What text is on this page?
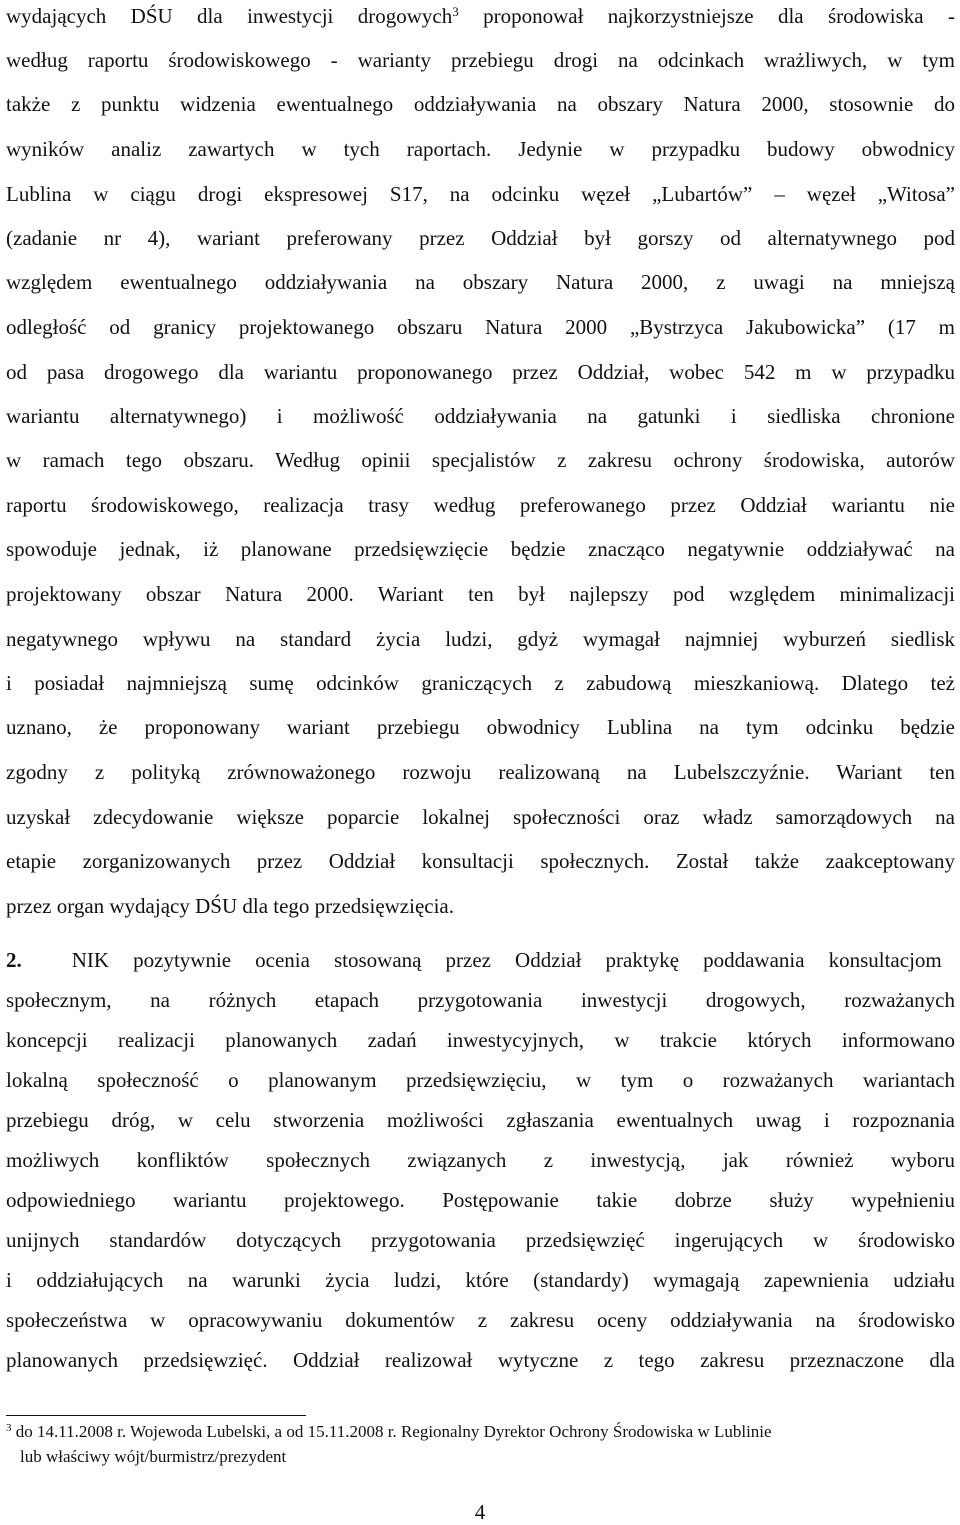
wydających DŚU dla inwestycji drogowych$^3$ proponował najkorzystniejsze dla środowiska -
według raportu środowiskowego - warianty przebiegu drogi na odcinkach wrażliwych, w tym
także z punktu widzenia ewentualnego oddziaływania na obszary Natura 2000, stosownie do
wyników analiz zawartych w tych raportach. Jedynie w przypadku budowy obwodnicy
Lublina w ciągu drogi ekspresowej S17, na odcinku węzeł „Lubartów” – węzeł „Witosa”
(zadanie nr 4), wariant preferowany przez Oddział był gorszy od alternatywnego pod
względem ewentualnego oddziaływania na obszary Natura 2000, z uwagi na mniejszą
odległość od granicy projektowanego obszaru Natura 2000 „Bystrzyca Jakubowicka” (17 m
od pasa drogowego dla wariantu proponowanego przez Oddział, wobec 542 m w przypadku
wariantu alternatywnego) i możliwość oddziaływania na gatunki i siedliska chronione
w ramach tego obszaru. Według opinii specjalistów z zakresu ochrony środowiska, autorów
raportu środowiskowego, realizacja trasy według preferowanego przez Oddział wariantu nie
spowoduje jednak, iż planowane przedsięwzięcie będzie znacząco negatywnie oddziaływać na
projektowany obszar Natura 2000. Wariant ten był najlepszy pod względem minimalizacji
negatywnego wpływu na standard życia ludzi, gdyż wymagał najmniej wyburzeń siedlisk
i posiadał najmniejszą sumę odcinków graniczących z zabudową mieszkaniową. Dlatego też
uznano, że proponowany wariant przebiegu obwodnicy Lublina na tym odcinku będzie
zgodny z polityką zrównoważonego rozwoju realizowaną na Lubelszczyźnie. Wariant ten
uzyskał zdecydowanie większe poparcie lokalnej społeczności oraz władz samorządowych na
etapie zorganizowanych przez Oddział konsultacji społecznych. Został także zaakceptowany
przez organ wydający DŚU dla tego przedsięwzięcia.
2. NIK pozytywnie ocenia stosowaną przez Oddział praktykę poddawania konsultacjom
społecznym, na różnych etapach przygotowania inwestycji drogowych, rozważanych
koncepcji realizacji planowanych zadań inwestycyjnych, w trakcie których informowano
lokalną społeczność o planowanym przedsięwzięciu, w tym o rozważanych wariantach
przebiegu dróg, w celu stworzenia możliwości zgłaszania ewentualnych uwag i rozpoznania
możliwych konfliktów społecznych związanych z inwestycją, jak również wyboru
odpowiedniego wariantu projektowego. Postępowanie takie dobrze służy wypełnieniu
unijnych standardów dotyczących przygotowania przedsięwzięć ingerujących w środowisko
i oddziałujących na warunki życia ludzi, które (standardy) wymagają zapewnienia udziału
społeczeństwa w opracowywaniu dokumentów z zakresu oceny oddziaływania na środowisko
planowanych przedsięwzięć. Oddział realizował wytyczne z tego zakresu przeznaczone dla
$^3$ do 14.11.2008 r. Wojewoda Lubelski, a od 15.11.2008 r. Regionalny Dyrektor Ochrony Środowiska w Lublinie
lub właściwy wójt/burmistrz/prezydent
4
